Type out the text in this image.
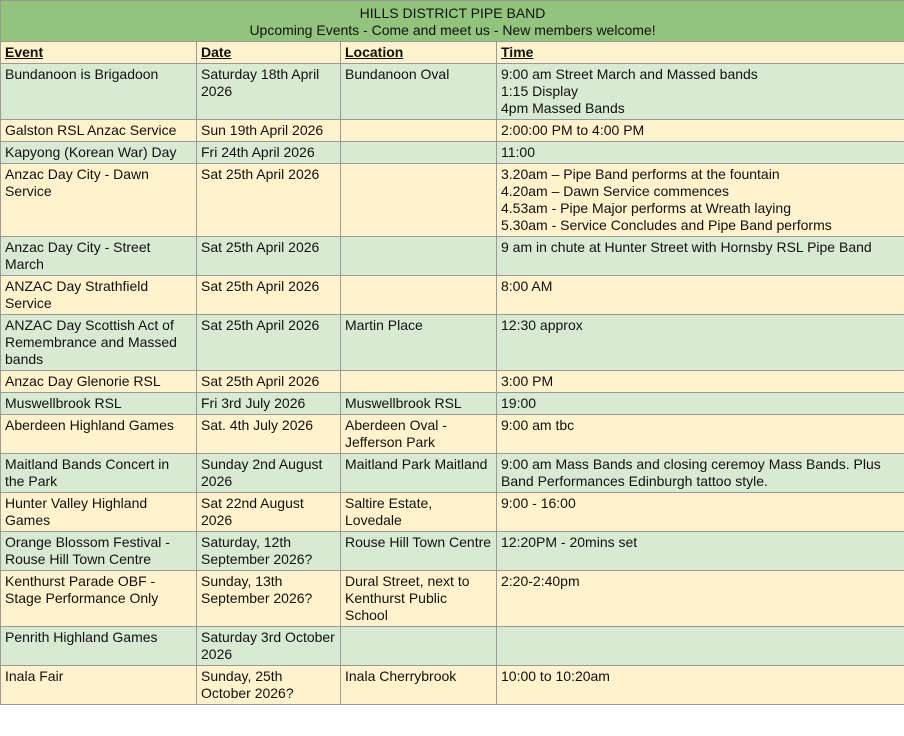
HILLS DISTRICT PIPE BAND
Upcoming Events - Come and meet us - New members welcome!			

Event	Date	Location	Time
Bundanoon is Brigadoon	Saturday 18th April 2026	Bundanoon Oval	9:00 am Street March and Massed bands
1:15 Display
4pm Massed Bands

Galston RSL Anzac Service	Sun 19th April 2026		2:00:00 PM to 4:00 PM

Kapyong (Korean War) Day	Fri 24th April 2026		11:00

Anzac Day City - Dawn Service	Sat 25th April 2026		3.20am – Pipe Band performs at the fountain
4.20am – Dawn Service commences
4.53am - Pipe Major performs at Wreath laying
5.30am - Service Concludes and Pipe Band performs

Anzac Day City - Street March	Sat 25th April 2026		9 am in chute at Hunter Street with Hornsby RSL Pipe Band

ANZAC Day Strathfield Service	Sat 25th April 2026		8:00 AM

ANZAC Day Scottish Act of Remembrance and Massed bands	Sat 25th April 2026	Martin Place	12:30 approx

Anzac Day Glenorie RSL	Sat 25th April 2026		3:00 PM

Muswellbrook RSL	Fri 3rd July 2026	Muswellbrook RSL	19:00

Aberdeen Highland Games	Sat. 4th July 2026	Aberdeen Oval - Jefferson Park	9:00 am tbc

Maitland Bands Concert in the Park	Sunday 2nd August 2026	Maitland Park Maitland	9:00 am Mass Bands and closing ceremoy Mass Bands. Plus Band Performances Edinburgh tattoo style.

Hunter Valley Highland Games	Sat 22nd August 2026	Saltire Estate, Lovedale	9:00 - 16:00

Orange Blossom Festival - Rouse Hill Town Centre	Saturday, 12th September 2026?	Rouse Hill Town Centre	12:20PM - 20mins set

Kenthurst Parade OBF - Stage Performance Only	Sunday, 13th September 2026?	Dural Street, next to Kenthurst Public School	2:20-2:40pm

Penrith Highland Games	Saturday 3rd October 2026		

Inala Fair	Sunday, 25th October 2026?	Inala Cherrybrook	10:00 to 10:20am
